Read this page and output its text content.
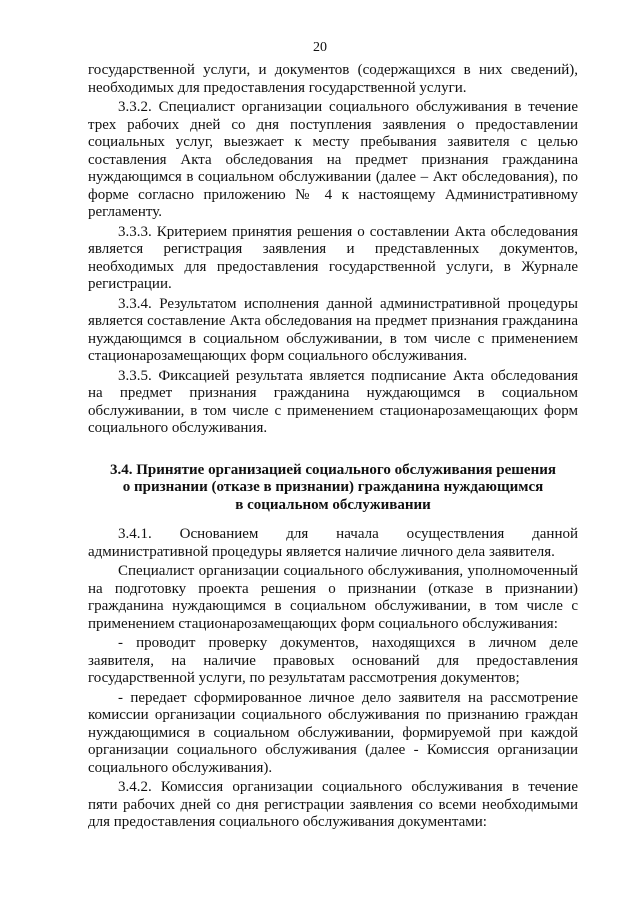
20

государственной услуги, и документов (содержащихся в них сведений), необходимых для предоставления государственной услуги.

3.3.2. Специалист организации социального обслуживания в течение трех рабочих дней со дня поступления заявления о предоставлении социальных услуг, выезжает к месту пребывания заявителя с целью составления Акта обследования на предмет признания гражданина нуждающимся в социальном обслуживании (далее – Акт обследования), по форме согласно приложению № 4 к настоящему Административному регламенту.

3.3.3. Критерием принятия решения о составлении Акта обследования является регистрация заявления и представленных документов, необходимых для предоставления государственной услуги, в Журнале регистрации.

3.3.4. Результатом исполнения данной административной процедуры является составление Акта обследования на предмет признания гражданина нуждающимся в социальном обслуживании, в том числе с применением стационарозамещающих форм социального обслуживания.

3.3.5. Фиксацией результата является подписание Акта обследования на предмет признания гражданина нуждающимся в социальном обслуживании, в том числе с применением стационарозамещающих форм социального обслуживания.

3.4. Принятие организацией социального обслуживания решения
о признании (отказе в признании) гражданина нуждающимся
в социальном обслуживании

3.4.1. Основанием для начала осуществления данной административной процедуры является наличие личного дела заявителя.

Специалист организации социального обслуживания, уполномоченный на подготовку проекта решения о признании (отказе в признании) гражданина нуждающимся в социальном обслуживании, в том числе с применением стационарозамещающих форм социального обслуживания:

- проводит проверку документов, находящихся в личном деле заявителя, на наличие правовых оснований для предоставления государственной услуги, по результатам рассмотрения документов;

- передает сформированное личное дело заявителя на рассмотрение комиссии организации социального обслуживания по признанию граждан нуждающимися в социальном обслуживании, формируемой при каждой организации социального обслуживания (далее - Комиссия организации социального обслуживания).

3.4.2. Комиссия организации социального обслуживания в течение пяти рабочих дней со дня регистрации заявления со всеми необходимыми для предоставления социального обслуживания документами:
